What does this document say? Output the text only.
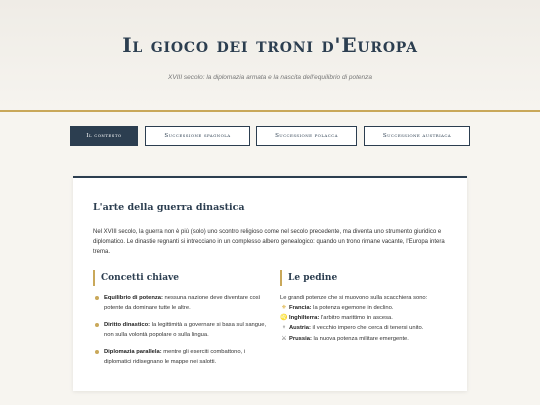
Il gioco dei troni d'Europa

XVIII secolo: la diplomazia armata e la nascita dell'equilibrio di potenza

Il contesto	Successione spagnola	Successione polacca	Successione austriaca
L'arte della guerra dinastica

Nel XVIII secolo, la guerra non è più (solo) uno scontro religioso come nel secolo precedente, ma diventa uno strumento giuridico e diplomatico. Le dinastie regnanti si intrecciano in un complesso albero genealogico: quando un trono rimane vacante, l'Europa intera trema.

Concetti chiave
Equilibrio di potenza: nessuna nazione deve diventare così potente da dominare tutte le altre.
Diritto dinastico: la legittimità a governare si basa sul sangue, non sulla volontà popolare o sulla lingua.
Diplomazia parallela: mentre gli eserciti combattono, i diplomatici ridisegnano le mappe nei salotti.
Le pedine

Le grandi potenze che si muovono sulla scacchiera sono:

⚜ Francia: la potenza egemone in declino.
♌Inghilterra: l'arbitro marittimo in ascesa.
♆ Austria: il vecchio impero che cerca di tenersi unito.
⚔ Prussia: la nuova potenza militare emergente.
